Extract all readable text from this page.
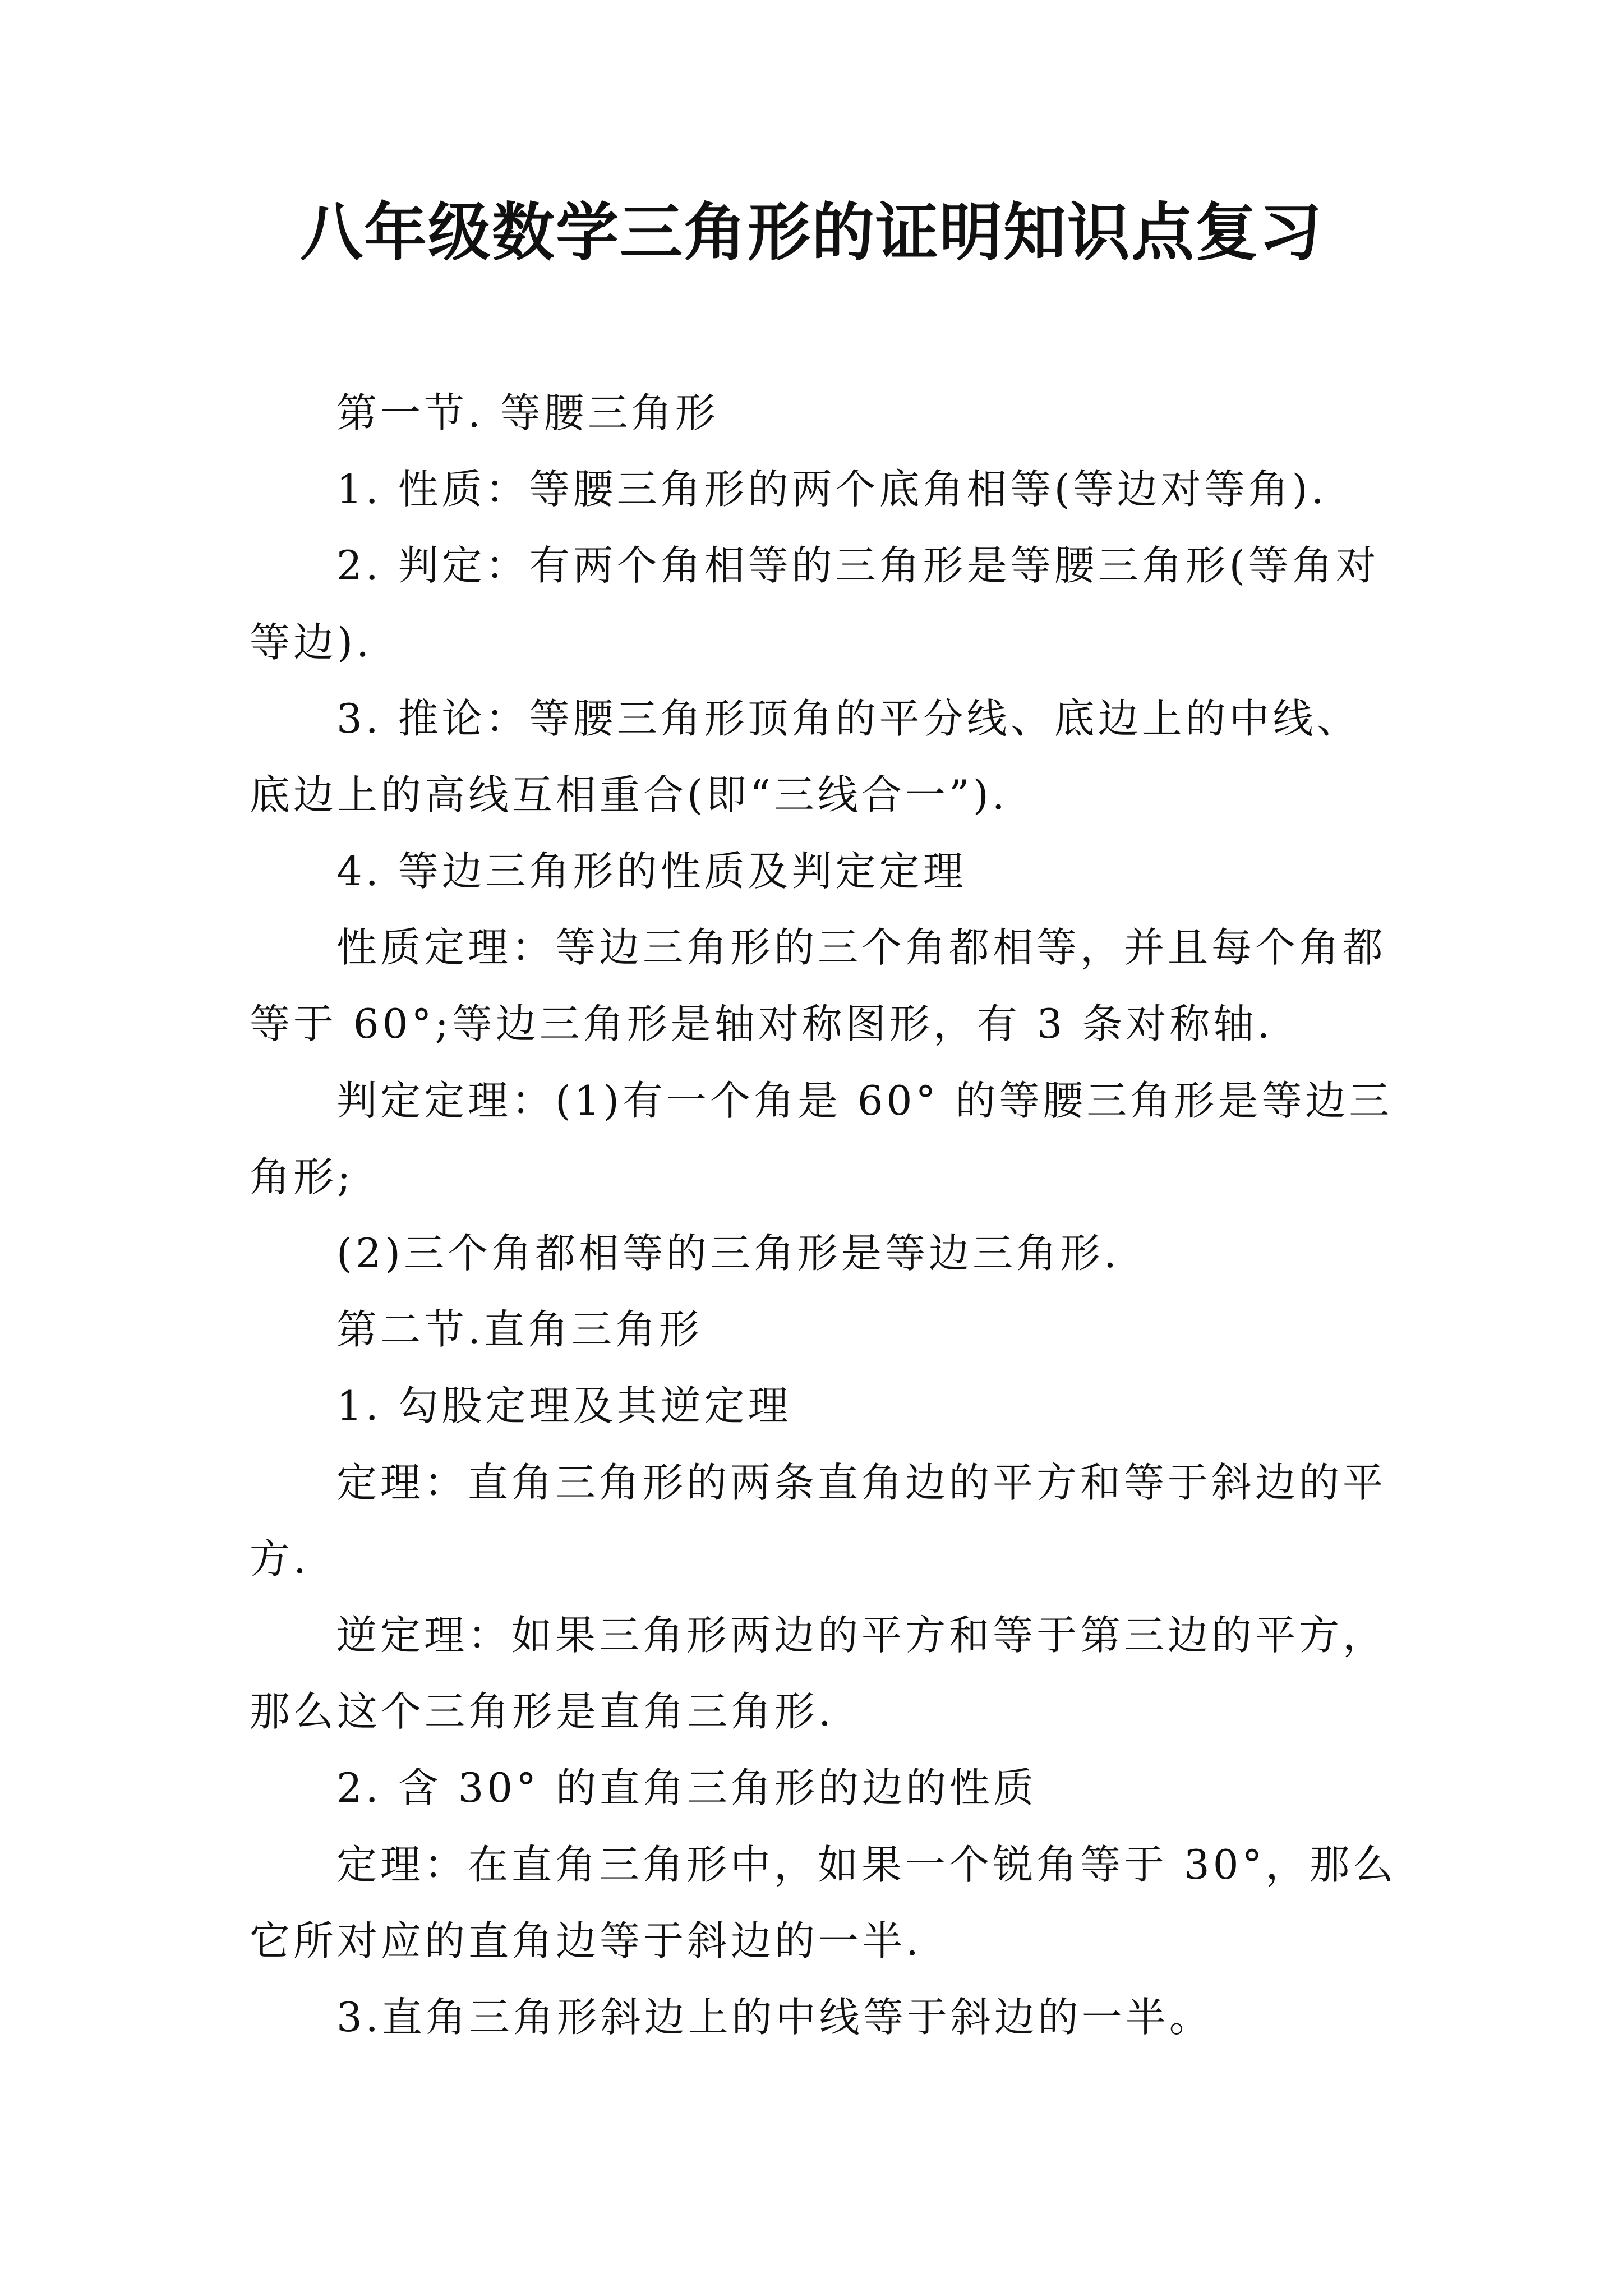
八年级数学三角形的证明知识点复习
第一节. 等腰三角形
1. 性质：等腰三角形的两个底角相等(等边对等角).
2. 判定：有两个角相等的三角形是等腰三角形(等角对
等边).
3. 推论：等腰三角形顶角的平分线、底边上的中线、
底边上的高线互相重合(即“三线合一”).
4. 等边三角形的性质及判定定理
性质定理：等边三角形的三个角都相等，并且每个角都
等于 60°;等边三角形是轴对称图形，有 3 条对称轴.
判定定理：(1)有一个角是 60° 的等腰三角形是等边三
角形;
(2)三个角都相等的三角形是等边三角形.
第二节.直角三角形
1. 勾股定理及其逆定理
定理：直角三角形的两条直角边的平方和等于斜边的平
方.
逆定理：如果三角形两边的平方和等于第三边的平方，
那么这个三角形是直角三角形.
2. 含 30° 的直角三角形的边的性质
定理：在直角三角形中，如果一个锐角等于 30°，那么
它所对应的直角边等于斜边的一半.
3.直角三角形斜边上的中线等于斜边的一半。
